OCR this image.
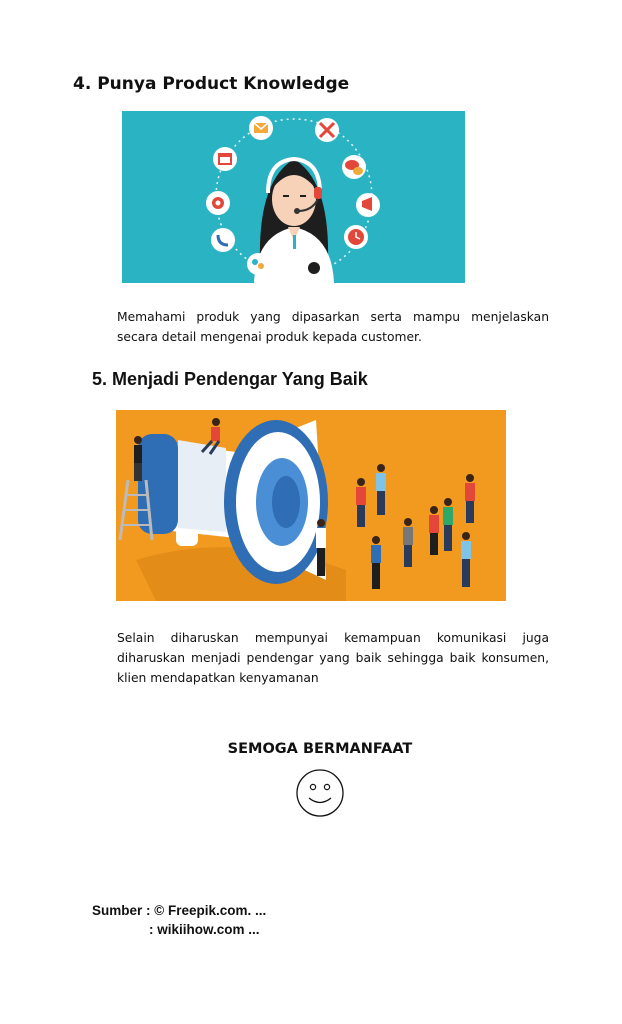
4. Punya Product Knowledge
Memahami produk yang dipasarkan serta mampu menjelaskan secara detail mengenai produk kepada customer.
5. Menjadi Pendengar Yang Baik
Selain diharuskan mempunyai kemampuan komunikasi juga diharuskan menjadi pendengar yang baik sehingga baik konsumen, klien mendapatkan kenyamanan
SEMOGA BERMANFAAT
Sumber : © Freepik.com. ...
: wikiihow.com ...
